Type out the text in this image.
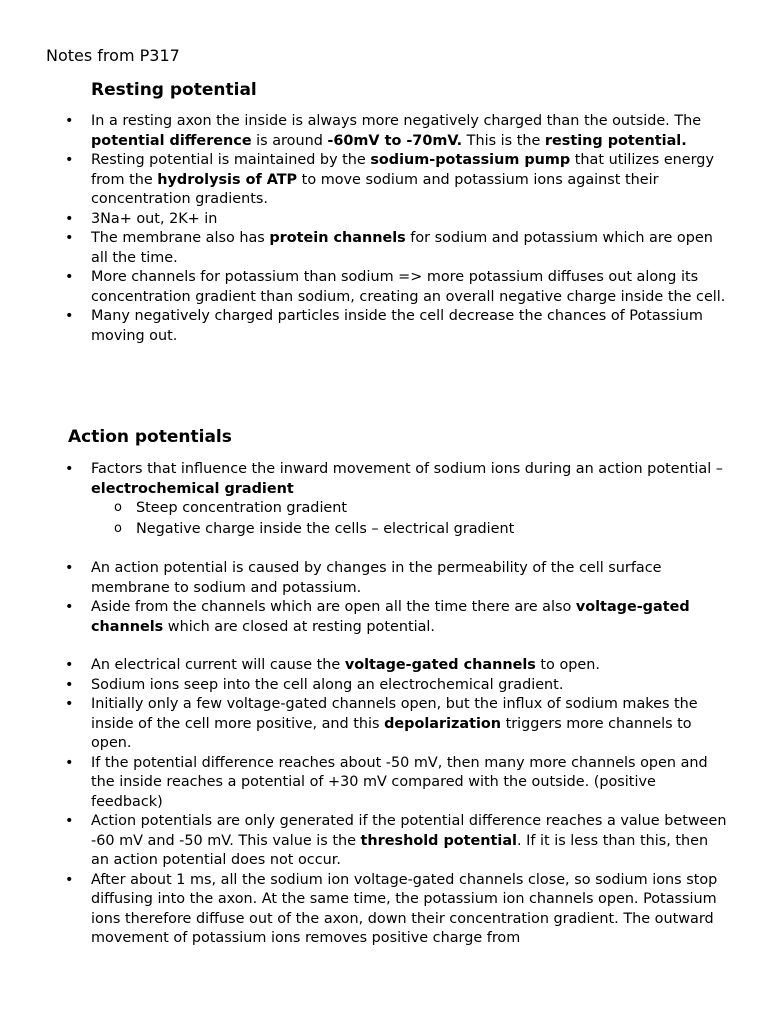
Notes from P317
Resting potential
• In a resting axon the inside is always more negatively charged than the outside. The potential difference is around -60mV to -70mV. This is the resting potential.
• Resting potential is maintained by the sodium-potassium pump that utilizes energy from the hydrolysis of ATP to move sodium and potassium ions against their concentration gradients.
• 3Na+ out, 2K+ in
• The membrane also has protein channels for sodium and potassium which are open all the time.
• More channels for potassium than sodium => more potassium diffuses out along its concentration gradient than sodium, creating an overall negative charge inside the cell.
• Many negatively charged particles inside the cell decrease the chances of Potassium moving out.
Action potentials
• Factors that influence the inward movement of sodium ions during an action potential – electrochemical gradient
o Steep concentration gradient
o Negative charge inside the cells – electrical gradient
• An action potential is caused by changes in the permeability of the cell surface membrane to sodium and potassium.
• Aside from the channels which are open all the time there are also voltage-gated channels which are closed at resting potential.
• An electrical current will cause the voltage-gated channels to open.
• Sodium ions seep into the cell along an electrochemical gradient.
• Initially only a few voltage-gated channels open, but the influx of sodium makes the inside of the cell more positive, and this depolarization triggers more channels to open.
• If the potential difference reaches about -50 mV, then many more channels open and the inside reaches a potential of +30 mV compared with the outside. (positive feedback)
• Action potentials are only generated if the potential difference reaches a value between -60 mV and -50 mV. This value is the threshold potential. If it is less than this, then an action potential does not occur.
• After about 1 ms, all the sodium ion voltage-gated channels close, so sodium ions stop diffusing into the axon. At the same time, the potassium ion channels open. Potassium ions therefore diffuse out of the axon, down their concentration gradient. The outward movement of potassium ions removes positive charge from
